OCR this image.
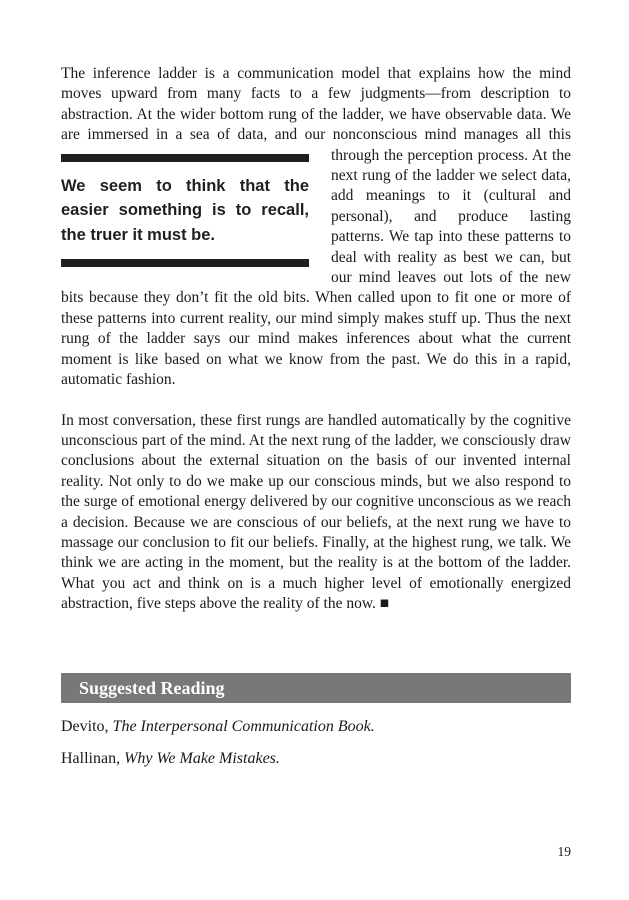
The inference ladder is a communication model that explains how the mind moves upward from many facts to a few judgments—from description to abstraction. At the wider bottom rung of the ladder, we have observable data. We are immersed in a sea of data, and our nonconscious
We seem to think that the easier something is to recall, the truer it must be.
mind manages all this through the perception process. At the next rung of the ladder we select data, add meanings to it (cultural and personal), and produce lasting patterns. We tap into these patterns to deal with reality as best we can, but our mind leaves out lots of the new bits because they don’t fit the old bits. When called upon to fit one or more of these patterns into current reality, our mind simply makes stuff up. Thus the next rung of the ladder says our mind makes inferences about what the current moment is like based on what we know from the past. We do this in a rapid, automatic fashion.

In most conversation, these first rungs are handled automatically by the cognitive unconscious part of the mind. At the next rung of the ladder, we consciously draw conclusions about the external situation on the basis of our invented internal reality. Not only to do we make up our conscious minds, but we also respond to the surge of emotional energy delivered by our cognitive unconscious as we reach a decision. Because we are conscious of our beliefs, at the next rung we have to massage our conclusion to fit our beliefs. Finally, at the highest rung, we talk. We think we are acting in the moment, but the reality is at the bottom of the ladder. What you act and think on is a much higher level of emotionally energized abstraction, five steps above the reality of the now. ■

Suggested Reading
Devito, The Interpersonal Communication Book.
Hallinan, Why We Make Mistakes.
19
